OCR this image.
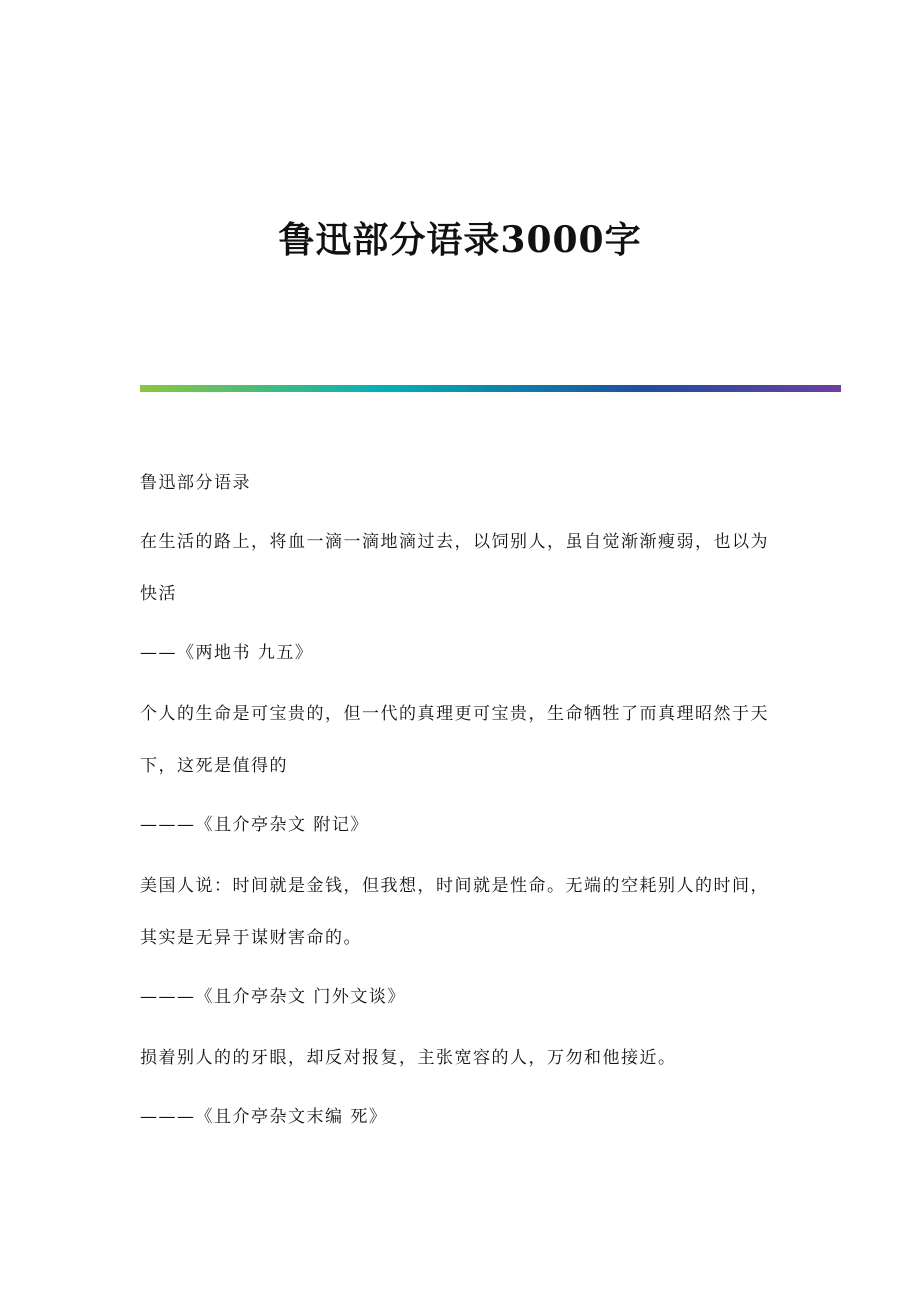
鲁迅部分语录3000字

鲁迅部分语录

在生活的路上，将血一滴一滴地滴过去，以饲别人，虽自觉渐渐瘦弱，也以为快活

——《两地书 九五》

个人的生命是可宝贵的，但一代的真理更可宝贵，生命牺牲了而真理昭然于天下，这死是值得的

———《且介亭杂文 附记》

美国人说：时间就是金钱，但我想，时间就是性命。无端的空耗别人的时间，其实是无异于谋财害命的。

———《且介亭杂文 门外文谈》

损着别人的的牙眼，却反对报复，主张宽容的人，万勿和他接近。

———《且介亭杂文末编 死》
